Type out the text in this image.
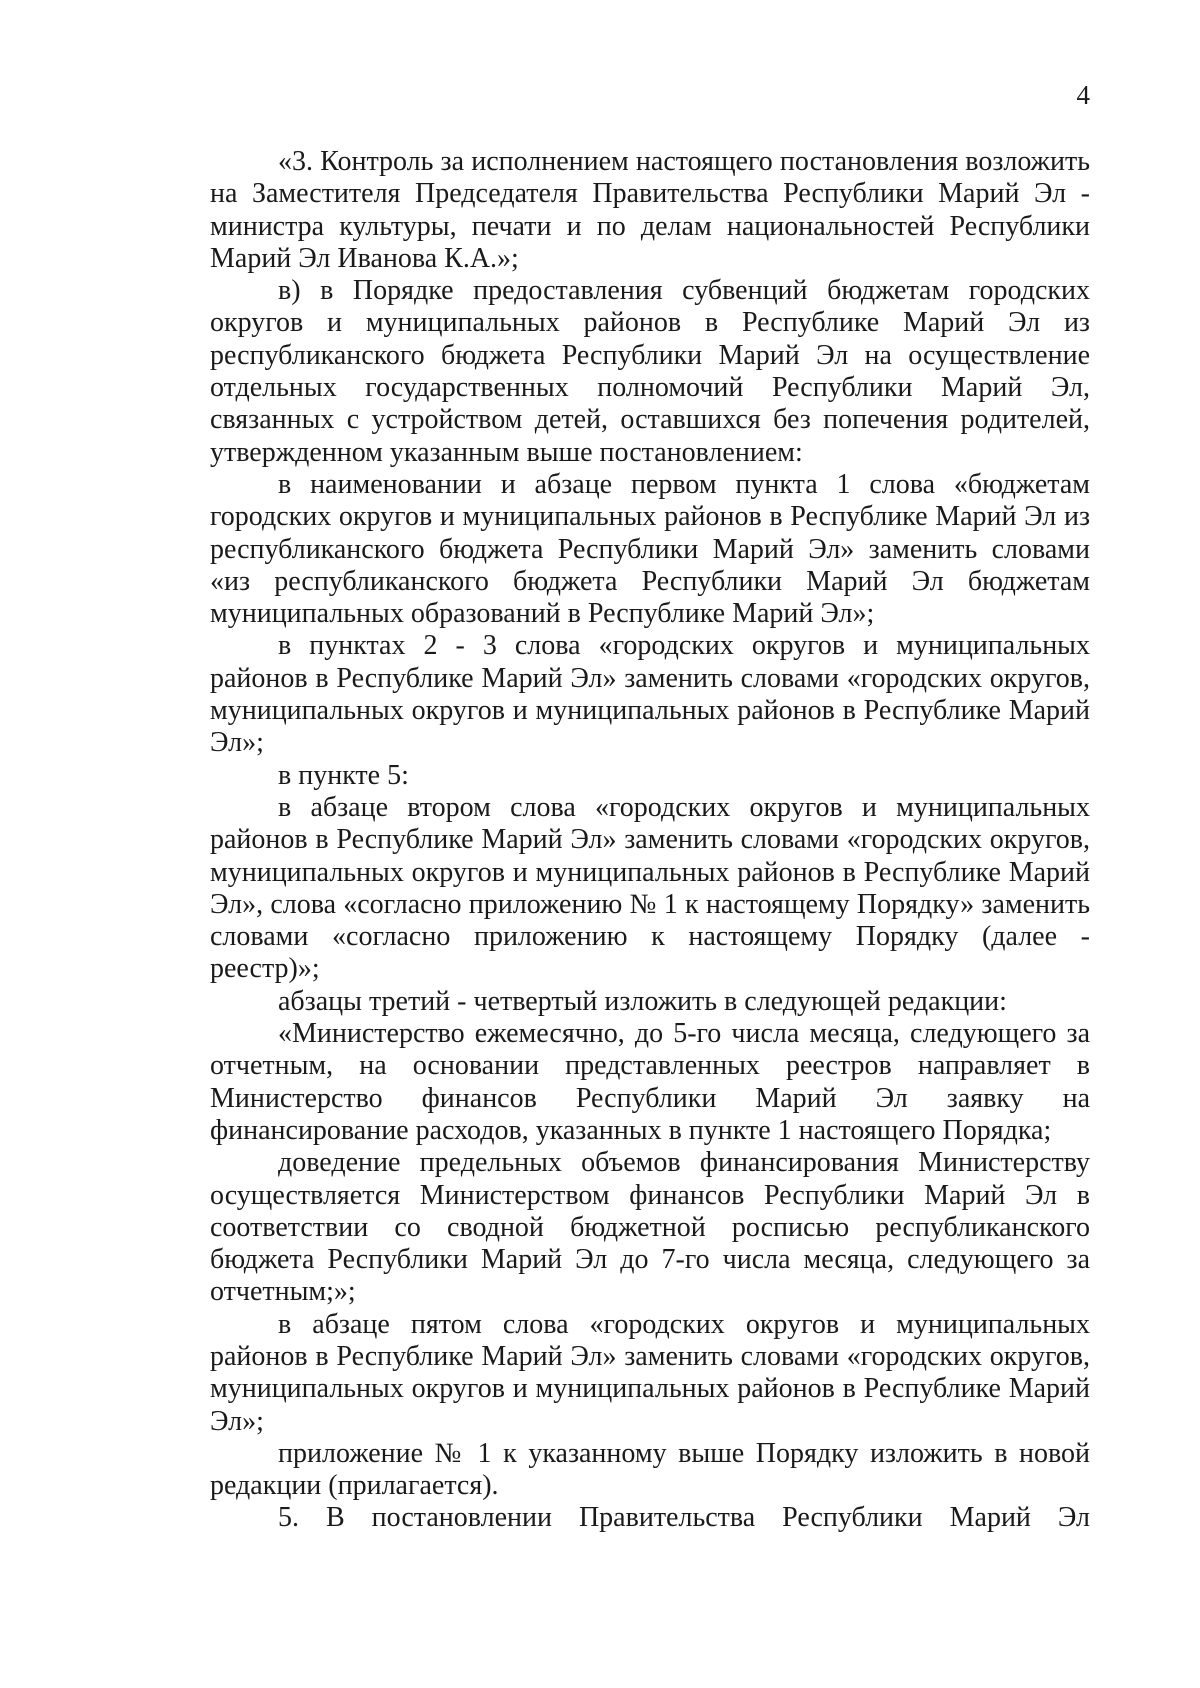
4

«3. Контроль за исполнением настоящего постановления возложить на Заместителя Председателя Правительства Республики Марий Эл - министра культуры, печати и по делам национальностей Республики Марий Эл Иванова К.А.»;

в) в Порядке предоставления субвенций бюджетам городских округов и муниципальных районов в Республике Марий Эл из республиканского бюджета Республики Марий Эл на осуществление отдельных государственных полномочий Республики Марий Эл, связанных с устройством детей, оставшихся без попечения родителей, утвержденном указанным выше постановлением:

в наименовании и абзаце первом пункта 1 слова «бюджетам городских округов и муниципальных районов в Республике Марий Эл из республиканского бюджета Республики Марий Эл» заменить словами «из республиканского бюджета Республики Марий Эл бюджетам муниципальных образований в Республике Марий Эл»;

в пунктах 2 - 3 слова «городских округов и муниципальных районов в Республике Марий Эл» заменить словами «городских округов, муниципальных округов и муниципальных районов в Республике Марий Эл»;

в пункте 5:

в абзаце втором слова «городских округов и муниципальных районов в Республике Марий Эл» заменить словами «городских округов, муниципальных округов и муниципальных районов в Республике Марий Эл», слова «согласно приложению № 1 к настоящему Порядку» заменить словами «согласно приложению к настоящему Порядку (далее - реестр)»;

абзацы третий - четвертый изложить в следующей редакции:

«Министерство ежемесячно, до 5-го числа месяца, следующего за отчетным, на основании представленных реестров направляет в Министерство финансов Республики Марий Эл заявку на финансирование расходов, указанных в пункте 1 настоящего Порядка;

доведение предельных объемов финансирования Министерству осуществляется Министерством финансов Республики Марий Эл в соответствии со сводной бюджетной росписью республиканского бюджета Республики Марий Эл до 7-го числа месяца, следующего за отчетным;»;

в абзаце пятом слова «городских округов и муниципальных районов в Республике Марий Эл» заменить словами «городских округов, муниципальных округов и муниципальных районов в Республике Марий Эл»;

приложение № 1 к указанному выше Порядку изложить в новой редакции (прилагается).

5. В постановлении Правительства Республики Марий Эл
